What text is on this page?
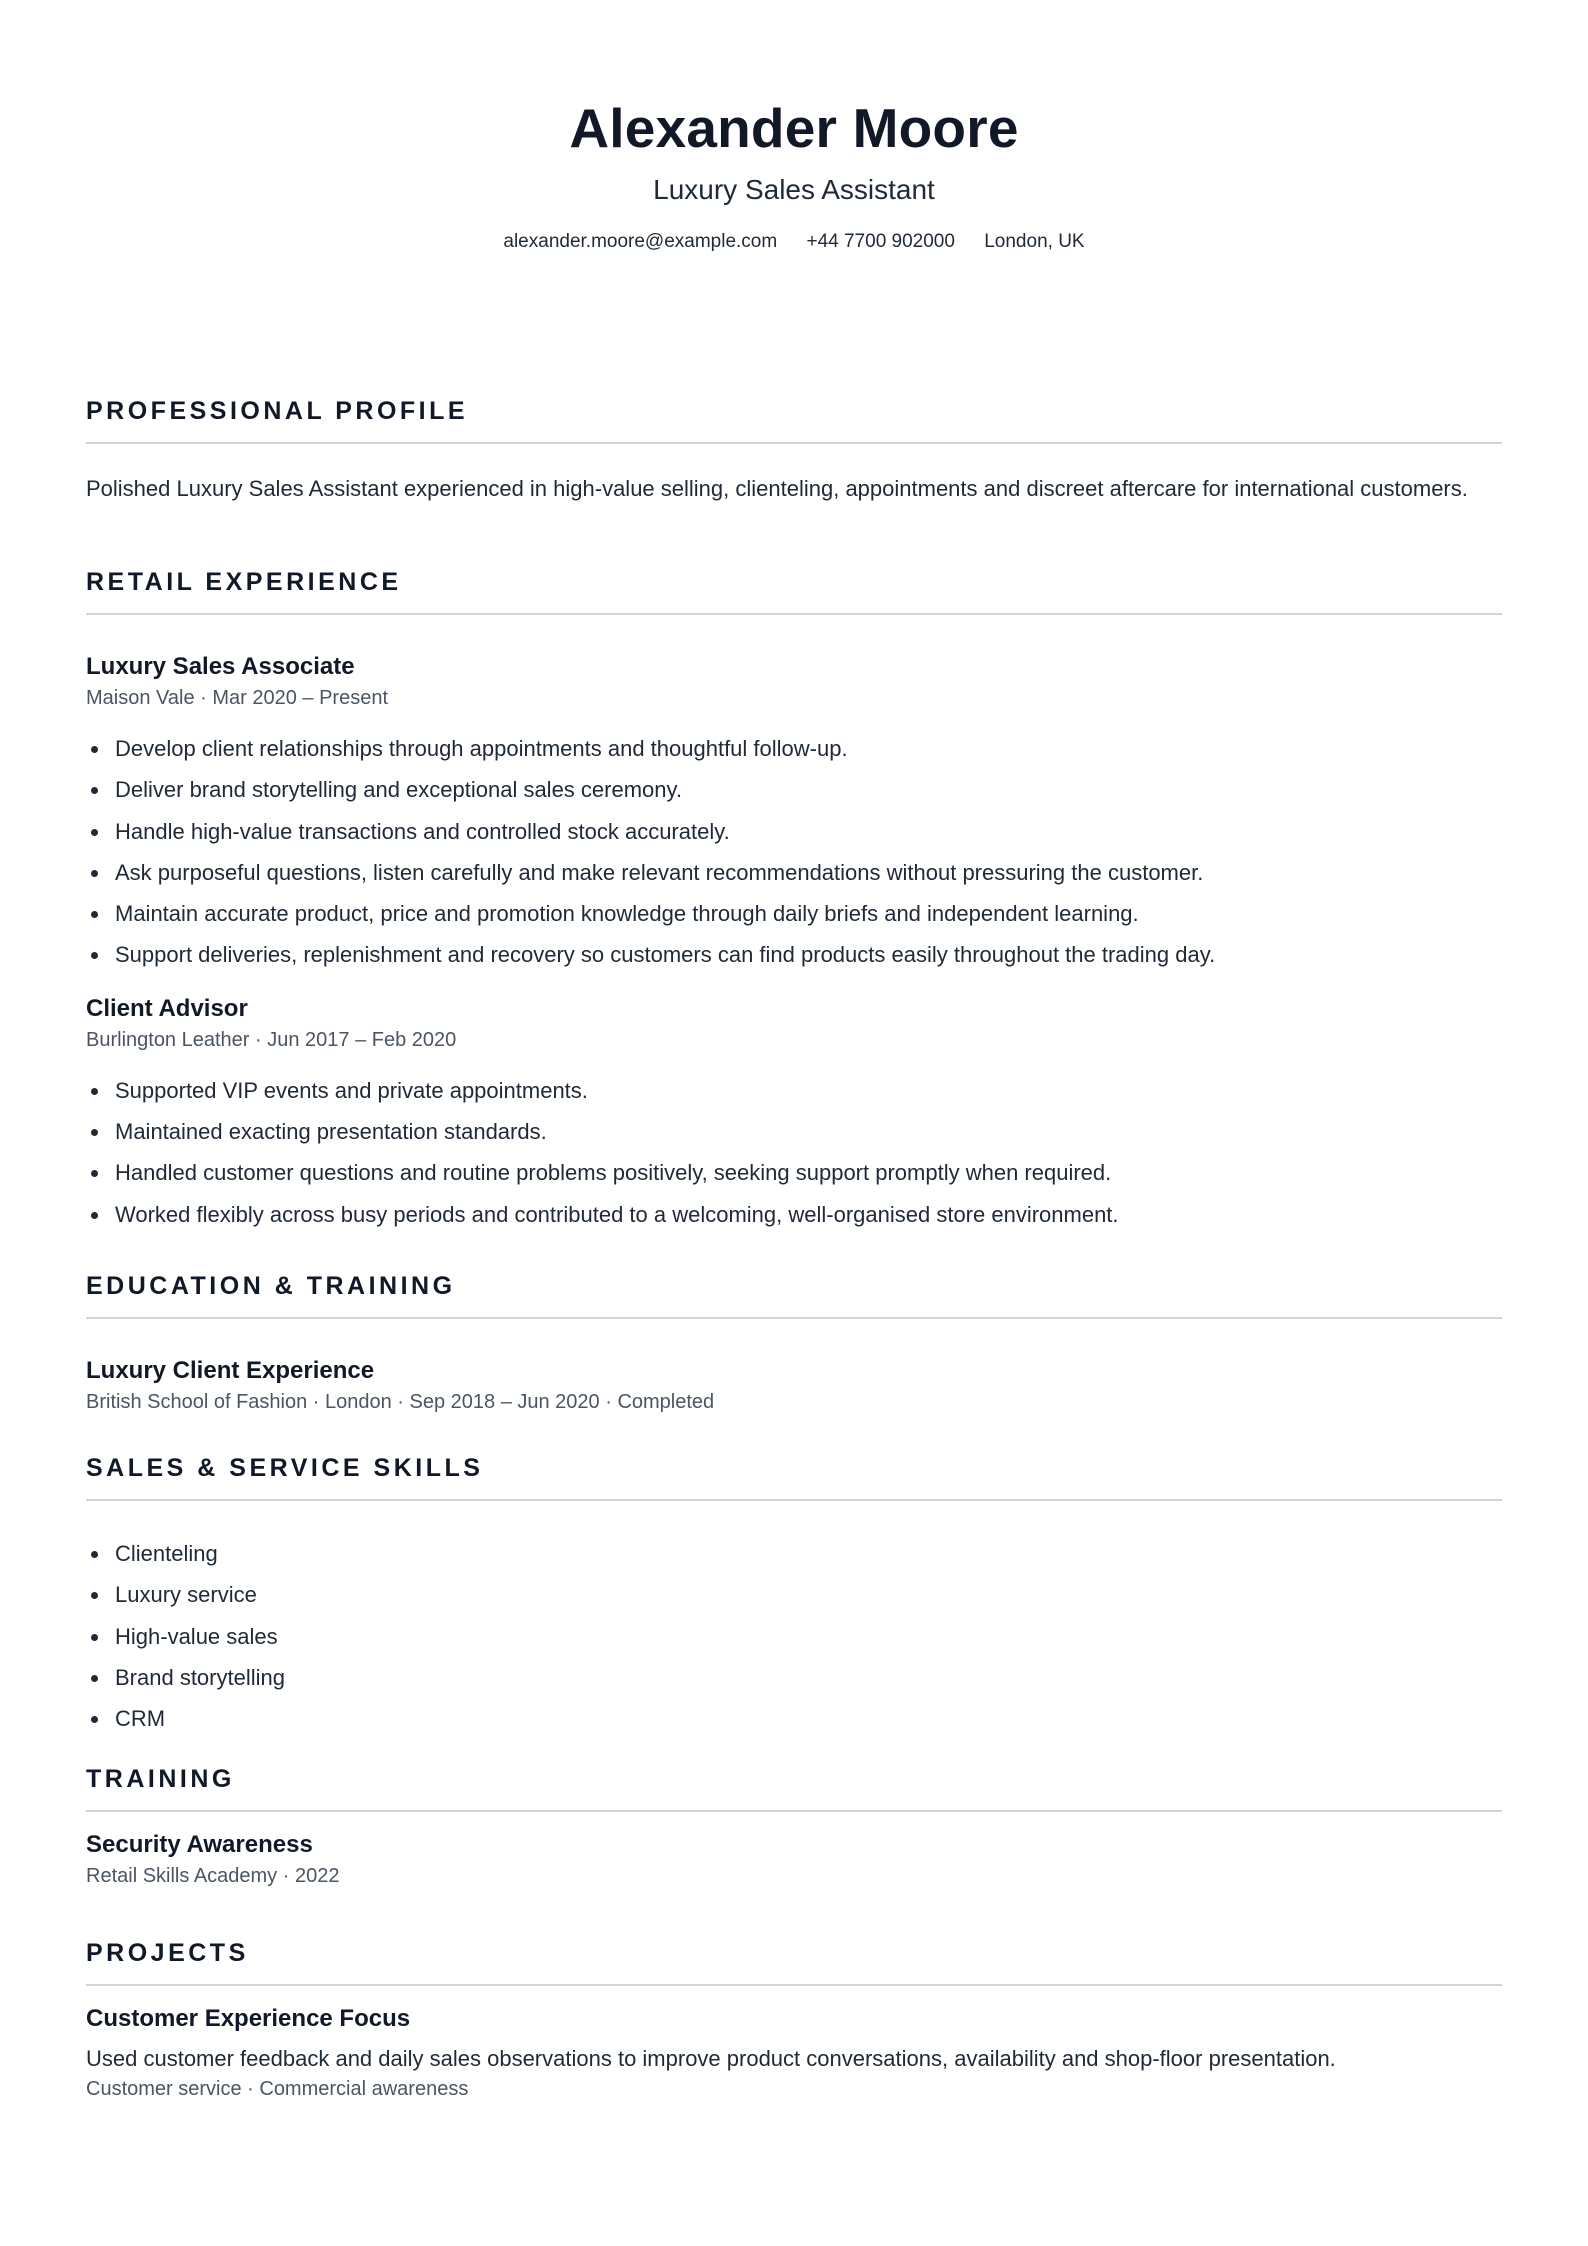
Alexander Moore
Luxury Sales Assistant
alexander.moore@example.com +44 7700 902000 London, UK
PROFESSIONAL PROFILE
Polished Luxury Sales Assistant experienced in high-value selling, clienteling, appointments and discreet aftercare for international customers.
RETAIL EXPERIENCE
Luxury Sales Associate
Maison Vale · Mar 2020 – Present
Develop client relationships through appointments and thoughtful follow-up.
Deliver brand storytelling and exceptional sales ceremony.
Handle high-value transactions and controlled stock accurately.
Ask purposeful questions, listen carefully and make relevant recommendations without pressuring the customer.
Maintain accurate product, price and promotion knowledge through daily briefs and independent learning.
Support deliveries, replenishment and recovery so customers can find products easily throughout the trading day.
Client Advisor
Burlington Leather · Jun 2017 – Feb 2020
Supported VIP events and private appointments.
Maintained exacting presentation standards.
Handled customer questions and routine problems positively, seeking support promptly when required.
Worked flexibly across busy periods and contributed to a welcoming, well-organised store environment.
EDUCATION & TRAINING
Luxury Client Experience
British School of Fashion · London · Sep 2018 – Jun 2020 · Completed
SALES & SERVICE SKILLS
Clienteling
Luxury service
High-value sales
Brand storytelling
CRM
TRAINING
Security Awareness
Retail Skills Academy · 2022
PROJECTS
Customer Experience Focus
Used customer feedback and daily sales observations to improve product conversations, availability and shop-floor presentation.
Customer service · Commercial awareness
